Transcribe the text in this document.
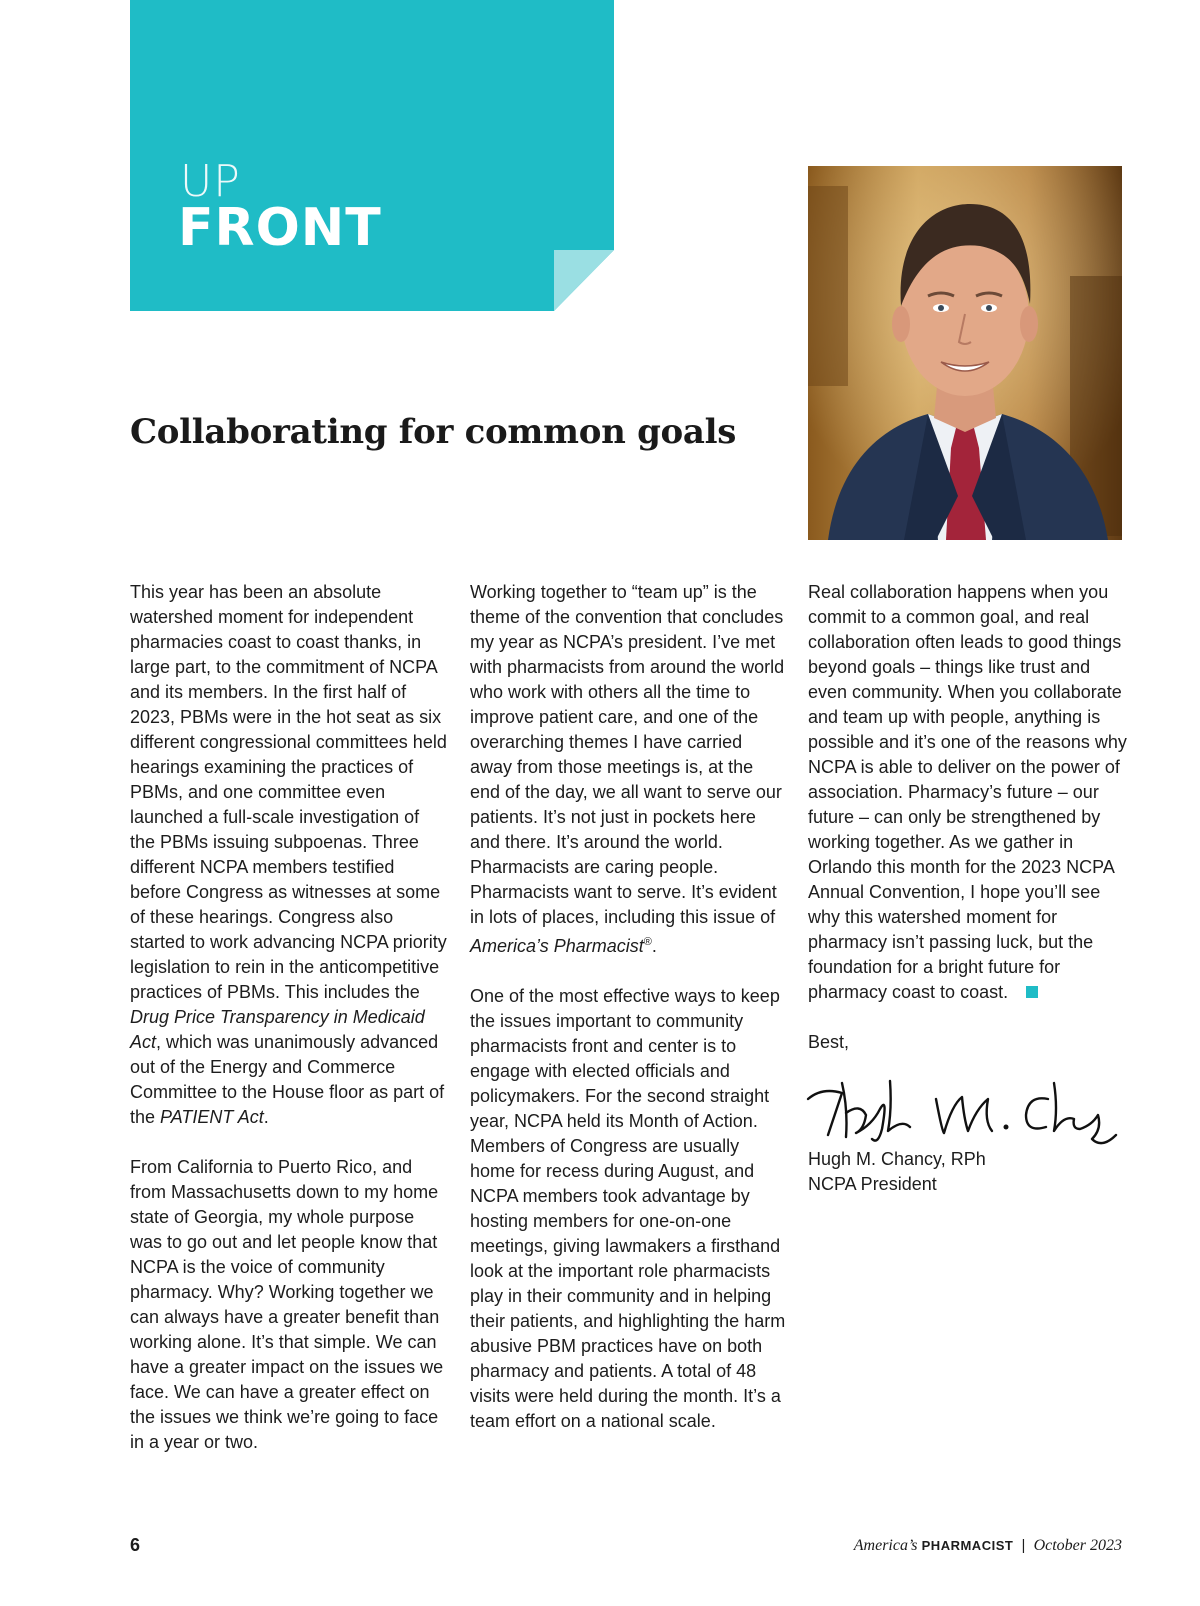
UP
FRONT
Collaborating for common goals

This year has been an absolute watershed moment for independent pharmacies coast to coast thanks, in large part, to the commitment of NCPA and its members. In the first half of 2023, PBMs were in the hot seat as six different congressional committees held hearings examining the practices of PBMs, and one committee even launched a full-scale investigation of the PBMs issuing subpoenas. Three different NCPA members testified before Congress as witnesses at some of these hearings. Congress also started to work advancing NCPA priority legislation to rein in the anticompetitive practices of PBMs. This includes the Drug Price Transparency in Medicaid Act, which was unanimously advanced out of the Energy and Commerce Committee to the House floor as part of the PATIENT Act.

From California to Puerto Rico, and from Massachusetts down to my home state of Georgia, my whole purpose was to go out and let people know that NCPA is the voice of community pharmacy. Why? Working together we can always have a greater benefit than working alone. It’s that simple. We can have a greater impact on the issues we face. We can have a greater effect on the issues we think we’re going to face in a year or two.

Working together to “team up” is the theme of the convention that concludes my year as NCPA’s president. I’ve met with pharmacists from around the world who work with others all the time to improve patient care, and one of the overarching themes I have carried away from those meetings is, at the end of the day, we all want to serve our patients. It’s not just in pockets here and there. It’s around the world. Pharmacists are caring people. Pharmacists want to serve. It’s evident in lots of places, including this issue of America’s Pharmacist®.

One of the most effective ways to keep the issues important to community pharmacists front and center is to engage with elected officials and policymakers. For the second straight year, NCPA held its Month of Action. Members of Congress are usually home for recess during August, and NCPA members took advantage by hosting members for one-on-one meetings, giving lawmakers a firsthand look at the important role pharmacists play in their community and in helping their patients, and highlighting the harm abusive PBM practices have on both pharmacy and patients. A total of 48 visits were held during the month. It’s a team effort on a national scale.

Real collaboration happens when you commit to a common goal, and real collaboration often leads to good things beyond goals – things like trust and even community. When you collaborate and team up with people, anything is possible and it’s one of the reasons why NCPA is able to deliver on the power of association. Pharmacy’s future – our future – can only be strengthened by working together. As we gather in Orlando this month for the 2023 NCPA Annual Convention, I hope you’ll see why this watershed moment for pharmacy isn’t passing luck, but the foundation for a bright future for pharmacy coast to coast.

Best,

Hugh M. Chancy, RPh
NCPA President
6	America’s PHARMACIST | October 2023
